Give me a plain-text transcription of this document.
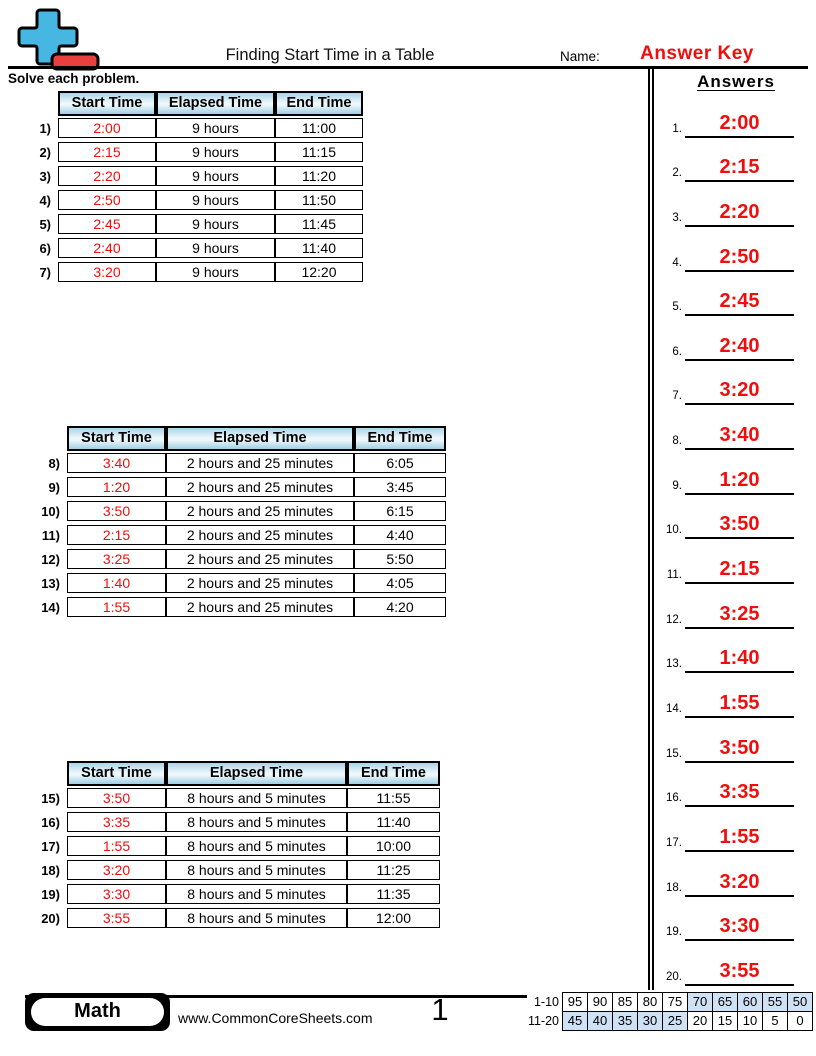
Finding Start Time in a Table	Name:	Answer Key
Solve each problem.	Answers
1.	2:00
2.	2:15
3.	2:20
4.	2:50
5.	2:45
6.	2:40
7.	3:20
8.	3:40
9.	1:20
10.	3:50
11.	2:15
12.	3:25
13.	1:40
14.	1:55
15.	3:50
16.	3:35
17.	1:55
18.	3:20
19.	3:30
20.	3:55
Start Time	Elapsed Time	End Time
1)	2:00	9 hours	11:00
2)	2:15	9 hours	11:15
3)	2:20	9 hours	11:20
4)	2:50	9 hours	11:50
5)	2:45	9 hours	11:45
6)	2:40	9 hours	11:40
7)	3:20	9 hours	12:20
Start Time	Elapsed Time	End Time
8)	3:40	2 hours and 25 minutes	6:05
9)	1:20	2 hours and 25 minutes	3:45
10)	3:50	2 hours and 25 minutes	6:15
11)	2:15	2 hours and 25 minutes	4:40
12)	3:25	2 hours and 25 minutes	5:50
13)	1:40	2 hours and 25 minutes	4:05
14)	1:55	2 hours and 25 minutes	4:20
Start Time	Elapsed Time	End Time
15)	3:50	8 hours and 5 minutes	11:55
16)	3:35	8 hours and 5 minutes	11:40
17)	1:55	8 hours and 5 minutes	10:00
18)	3:20	8 hours and 5 minutes	11:25
19)	3:30	8 hours and 5 minutes	11:35
20)	3:55	8 hours and 5 minutes	12:00
Math	www.CommonCoreSheets.com	1	1-10 95 90 85 80 75 70 65 60 55 50
11-20 45 40 35 30 25 20 15 10	5	0
